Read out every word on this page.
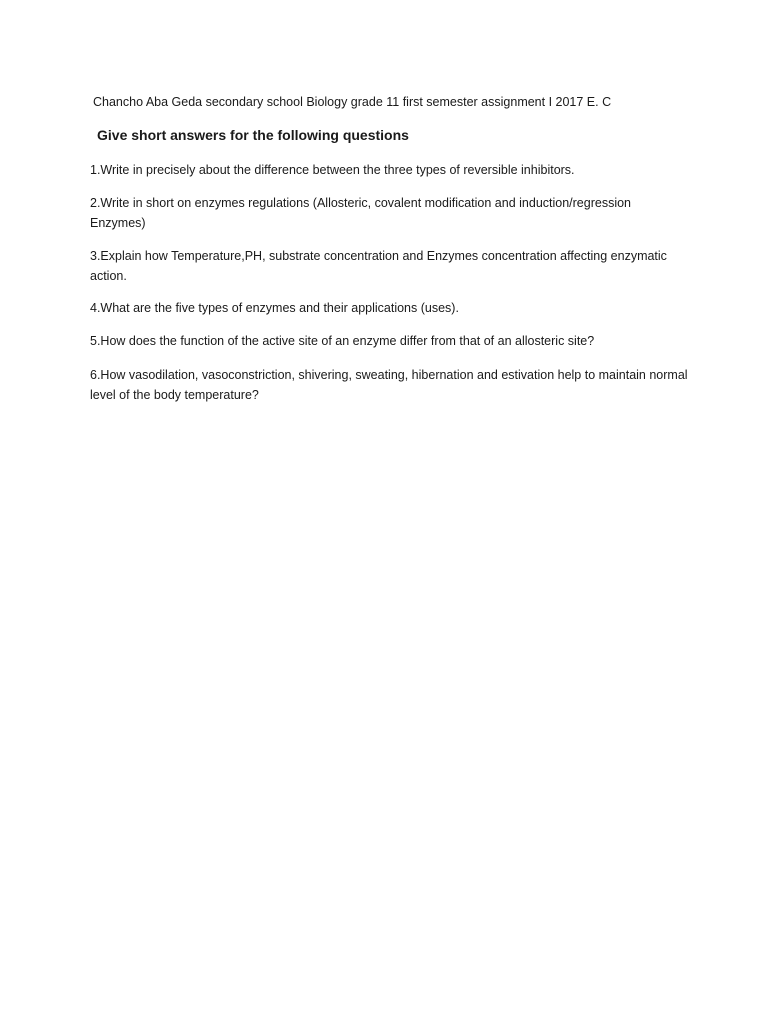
Chancho Aba Geda secondary school Biology grade 11 first semester assignment I 2017 E. C
Give short answers for the following questions
1.Write in precisely about the difference between the three types of reversible inhibitors.
2.Write in short on enzymes regulations (Allosteric, covalent modification and induction/regression Enzymes)
3.Explain how Temperature,PH, substrate concentration and Enzymes concentration affecting enzymatic action.
4.What are the five types of enzymes and their applications (uses).
5.How does the function of the active site of an enzyme differ from that of an allosteric site?
6.How vasodilation, vasoconstriction, shivering, sweating, hibernation and estivation help to maintain normal level of the body temperature?
